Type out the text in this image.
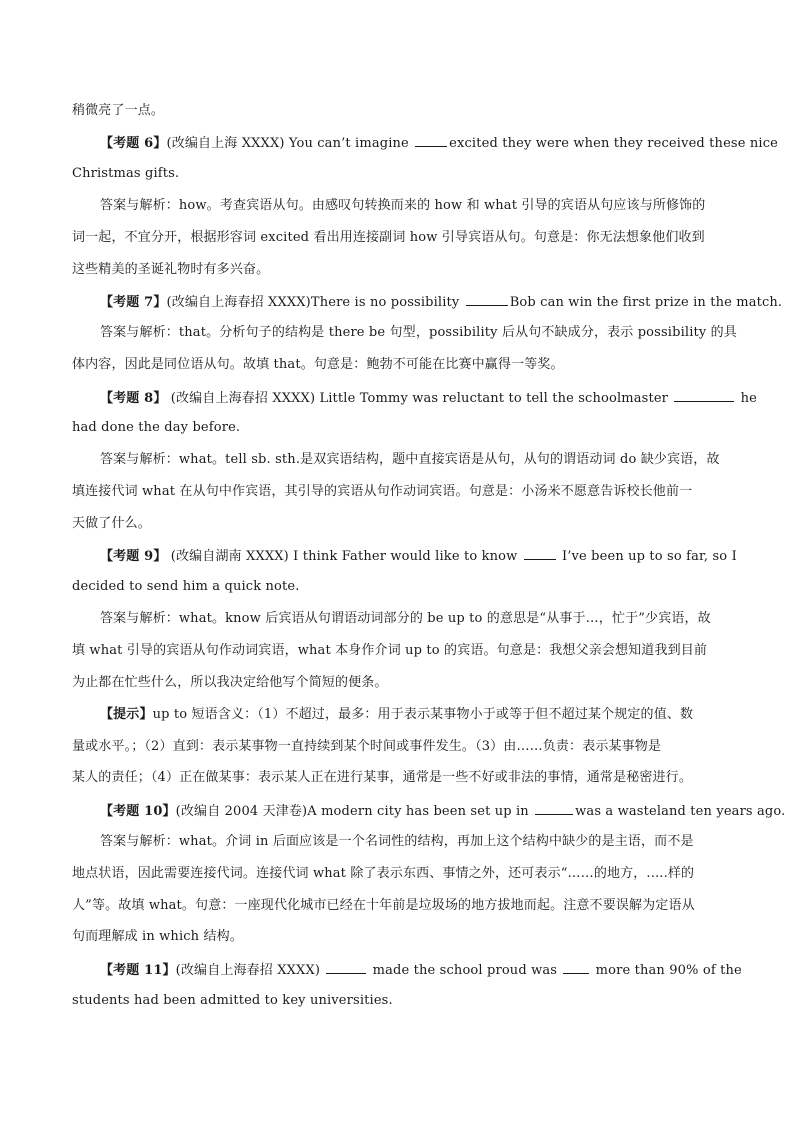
稍微亮了一点。
【考题 6】(改编自上海 XXXX) You can’t imagine	excited they were when they received these nice
Christmas gifts.
答案与解析：how。考查宾语从句。由感叹句转换而来的 how 和 what 引导的宾语从句应该与所修饰的
词一起，不宜分开，根据形容词 excited 看出用连接副词 how 引导宾语从句。句意是：你无法想象他们收到
这些精美的圣诞礼物时有多兴奋。
【考题 7】(改编自上海春招 XXXX)There is no possibility	Bob can win the first prize in the match.
答案与解析：that。分析句子的结构是 there be 句型，possibility 后从句不缺成分，表示 possibility 的具
体内容，因此是同位语从句。故填 that。句意是：鲍勃不可能在比赛中赢得一等奖。
【考题 8】 (改编自上海春招 XXXX) Little Tommy was reluctant to tell the schoolmaster	he
had done the day before.
答案与解析：what。tell sb. sth.是双宾语结构，题中直接宾语是从句，从句的谓语动词 do 缺少宾语，故
填连接代词 what 在从句中作宾语，其引导的宾语从句作动词宾语。句意是：小汤米不愿意告诉校长他前一
天做了什么。
【考题 9】 (改编自湖南 XXXX) I think Father would like to know	I’ve been up to so far, so I
decided to send him a quick note.
答案与解析：what。know 后宾语从句谓语动词部分的 be up to 的意思是“从事于…，忙于”少宾语，故
填 what 引导的宾语从句作动词宾语，what 本身作介词 up to 的宾语。句意是：我想父亲会想知道我到目前
为止都在忙些什么，所以我决定给他写个简短的便条。
【提示】up to 短语含义：（1）不超过，最多：用于表示某事物小于或等于但不超过某个规定的值、数
量或水平。；（2）直到：表示某事物一直持续到某个时间或事件发生。（3）由……负责：表示某事物是
某人的责任；（4）正在做某事：表示某人正在进行某事，通常是一些不好或非法的事情，通常是秘密进行。
【考题 10】(改编自 2004 天津卷)A modern city has been set up in	was a wasteland ten years ago.
答案与解析：what。介词 in 后面应该是一个名词性的结构，再加上这个结构中缺少的是主语，而不是
地点状语，因此需要连接代词。连接代词 what 除了表示东西、事情之外，还可表示“……的地方，.....样的
人”等。故填 what。句意：一座现代化城市已经在十年前是垃圾场的地方拔地而起。注意不要误解为定语从
句而理解成 in which 结构。
【考题 11】(改编自上海春招 XXXX)	made the school proud was	more than 90% of the
students had been admitted to key universities.
